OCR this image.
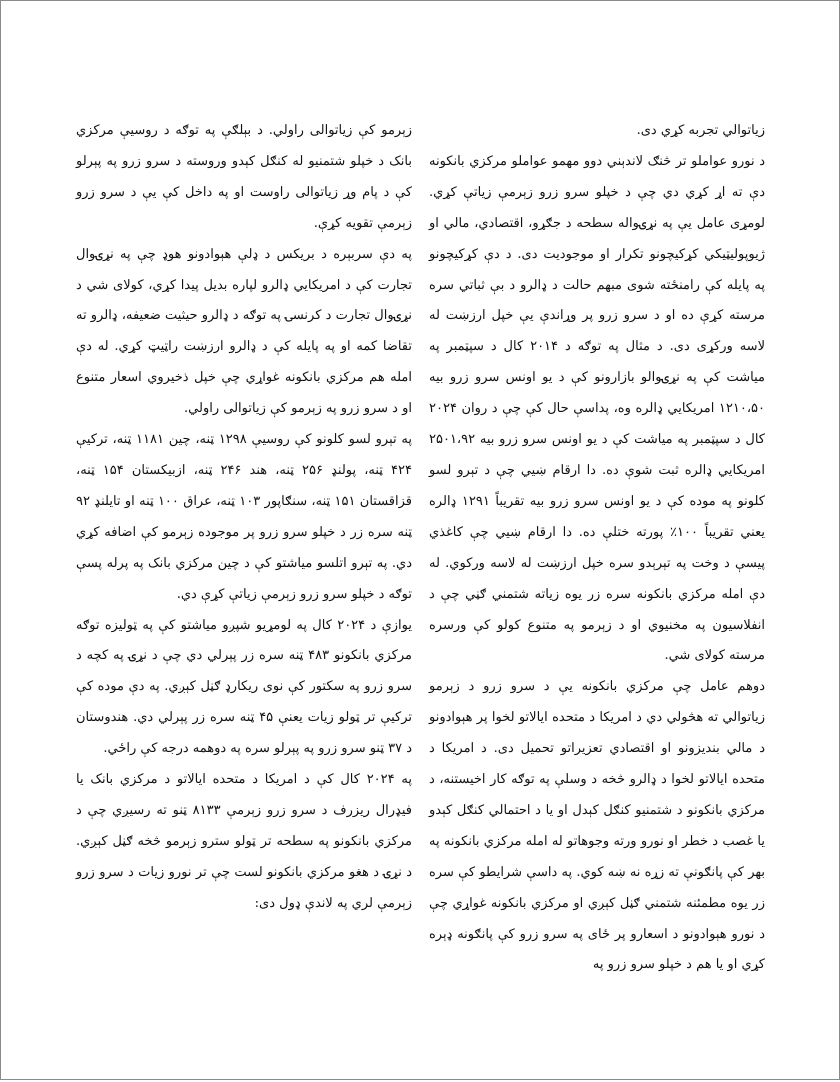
زياتوالي تجربه کړي دی.

د نورو عواملو تر څنګ لاندېني دوو مهمو عواملو مرکزي بانکونه دې ته اړ کړي دي چې د خپلو سرو زرو زېرمې زياتې کړي. لومړی عامل يې په نړۍواله سطحه د جګړو، اقتصادي، مالي او ژيوپوليټيکي کړکيچونو تکرار او موجوديت دی. د دې کړکيچونو په پايله کې رامنځته شوی مبهم حالت د ډالرو د بې ثباتي سره مرسته کړې ده او د سرو زرو پر وړاندې يې خپل ارزښت له لاسه ورکړی دی. د مثال په توګه د ۲۰۱۴ کال د سپټمبر په مياشت کې په نړۍوالو بازارونو کې د يو اونس سرو زرو بيه ۱۲۱۰،۵۰ امريکايي ډالره وه، پداسې حال کې چې د روان ۲۰۲۴ کال د سپټمبر په مياشت کې د يو اونس سرو زرو بيه ۲۵۰۱،۹۲ امريکايي ډالره ثبت شوې ده. دا ارقام ښيي چې د تېرو لسو کلونو په موده کې د يو اونس سرو زرو بيه تقريباً ۱۲۹۱ ډالره يعني تقريباً ۱۰۰٪ پورته ختلې ده. دا ارقام ښيي چې کاغذي پيسې د وخت په تېرېدو سره خپل ارزښت له لاسه ورکوي. له دې امله مرکزي بانکونه سره زر يوه زياته شتمني ګڼي چې د انفلاسيون په مخنيوي او د زېرمو په متنوع کولو کې ورسره مرسته کولای شي.

دوهم عامل چې مرکزي بانکونه يې د سرو زرو د زېرمو زياتوالي ته هڅولي دي د امريکا د متحده ايالاتو لخوا پر هېوادونو د مالي بنديزونو او اقتصادي تعزيراتو تحميل دی. د امريکا د متحده ايالاتو لخوا د ډالرو څخه د وسلې په توګه کار اخيستنه، د مرکزي بانکونو د شتمنيو کنګل کېدل او يا د احتمالي کنګل کېدو يا غصب د خطر او نورو ورته وجوهاتو له امله مرکزي بانکونه په بهر کې پانګونې ته زړه نه ښه کوي. په داسې شرايطو کې سره زر يوه مطمئنه شتمني ګڼل کېږي او مرکزي بانکونه غواړي چې د نورو هېوادونو د اسعارو پر ځای په سرو زرو کې پانګونه ډېره کړي او يا هم د خپلو سرو زرو په

زېرمو کې زياتوالی راولي. د بېلګې په توګه د روسيې مرکزي بانک د خپلو شتمنيو له کنګل کېدو وروسته د سرو زرو په پېرلو کې د پام وړ زياتوالی راوست او په داخل کې يې د سرو زرو زېرمې تقويه کړې.

په دې سربېره د بريکس د ډلې هېوادونو هوډ چې په نړۍوال تجارت کې د امريکايي ډالرو لپاره بديل پيدا کړي، کولای شي د نړۍوال تجارت د کرنسۍ په توګه د ډالرو حيثيت ضعيفه، ډالرو ته تقاضا کمه او په پايله کې د ډالرو ارزښت راټيټ کړي. له دې امله هم مرکزي بانکونه غواړي چې خپل ذخيروي اسعار متنوع او د سرو زرو په زېرمو کې زياتوالی راولي.

په تېرو لسو کلونو کې روسيې ۱۲۹۸ ټنه، چين ۱۱۸۱ ټنه، ترکيې ۴۲۴ ټنه، پولنډ ۲۵۶ ټنه، هند ۲۴۶ ټنه، ازبيکستان ۱۵۴ ټنه، قزاقستان ۱۵۱ ټنه، سنګاپور ۱۰۳ ټنه، عراق ۱۰۰ ټنه او تايلنډ ۹۲ ټنه سره زر د خپلو سرو زرو پر موجوده زېرمو کې اضافه کړي دي. په تېرو اتلسو مياشتو کې د چين مرکزي بانک په پرله پسې توګه د خپلو سرو زرو زېرمې زياتې کړې دي.

يوازې د ۲۰۲۴ کال په لومړيو شپږو مياشتو کې په ټوليزه توګه مرکزي بانکونو ۴۸۳ ټنه سره زر پېرلي دي چې د نړۍ په کچه د سرو زرو په سکتور کې نوی ريکارډ ګڼل کېږي. په دې موده کې ترکيې تر ټولو زيات يعنې ۴۵ ټنه سره زر پېرلي دي. هندوستان د ۳۷ ټنو سرو زرو په پېرلو سره په دوهمه درجه کې راځي.

په ۲۰۲۴ کال کې د امريکا د متحده ايالاتو د مرکزي بانک يا فيډرال ريزرف د سرو زرو زېرمې ۸۱۳۳ ټنو ته رسيږي چې د مرکزي بانکونو په سطحه تر ټولو سترو زېرمو څخه ګڼل کېږي. د نړۍ د هغو مرکزي بانکونو لست چې تر نورو زيات د سرو زرو زېرمې لري په لاندې ډول دی:
